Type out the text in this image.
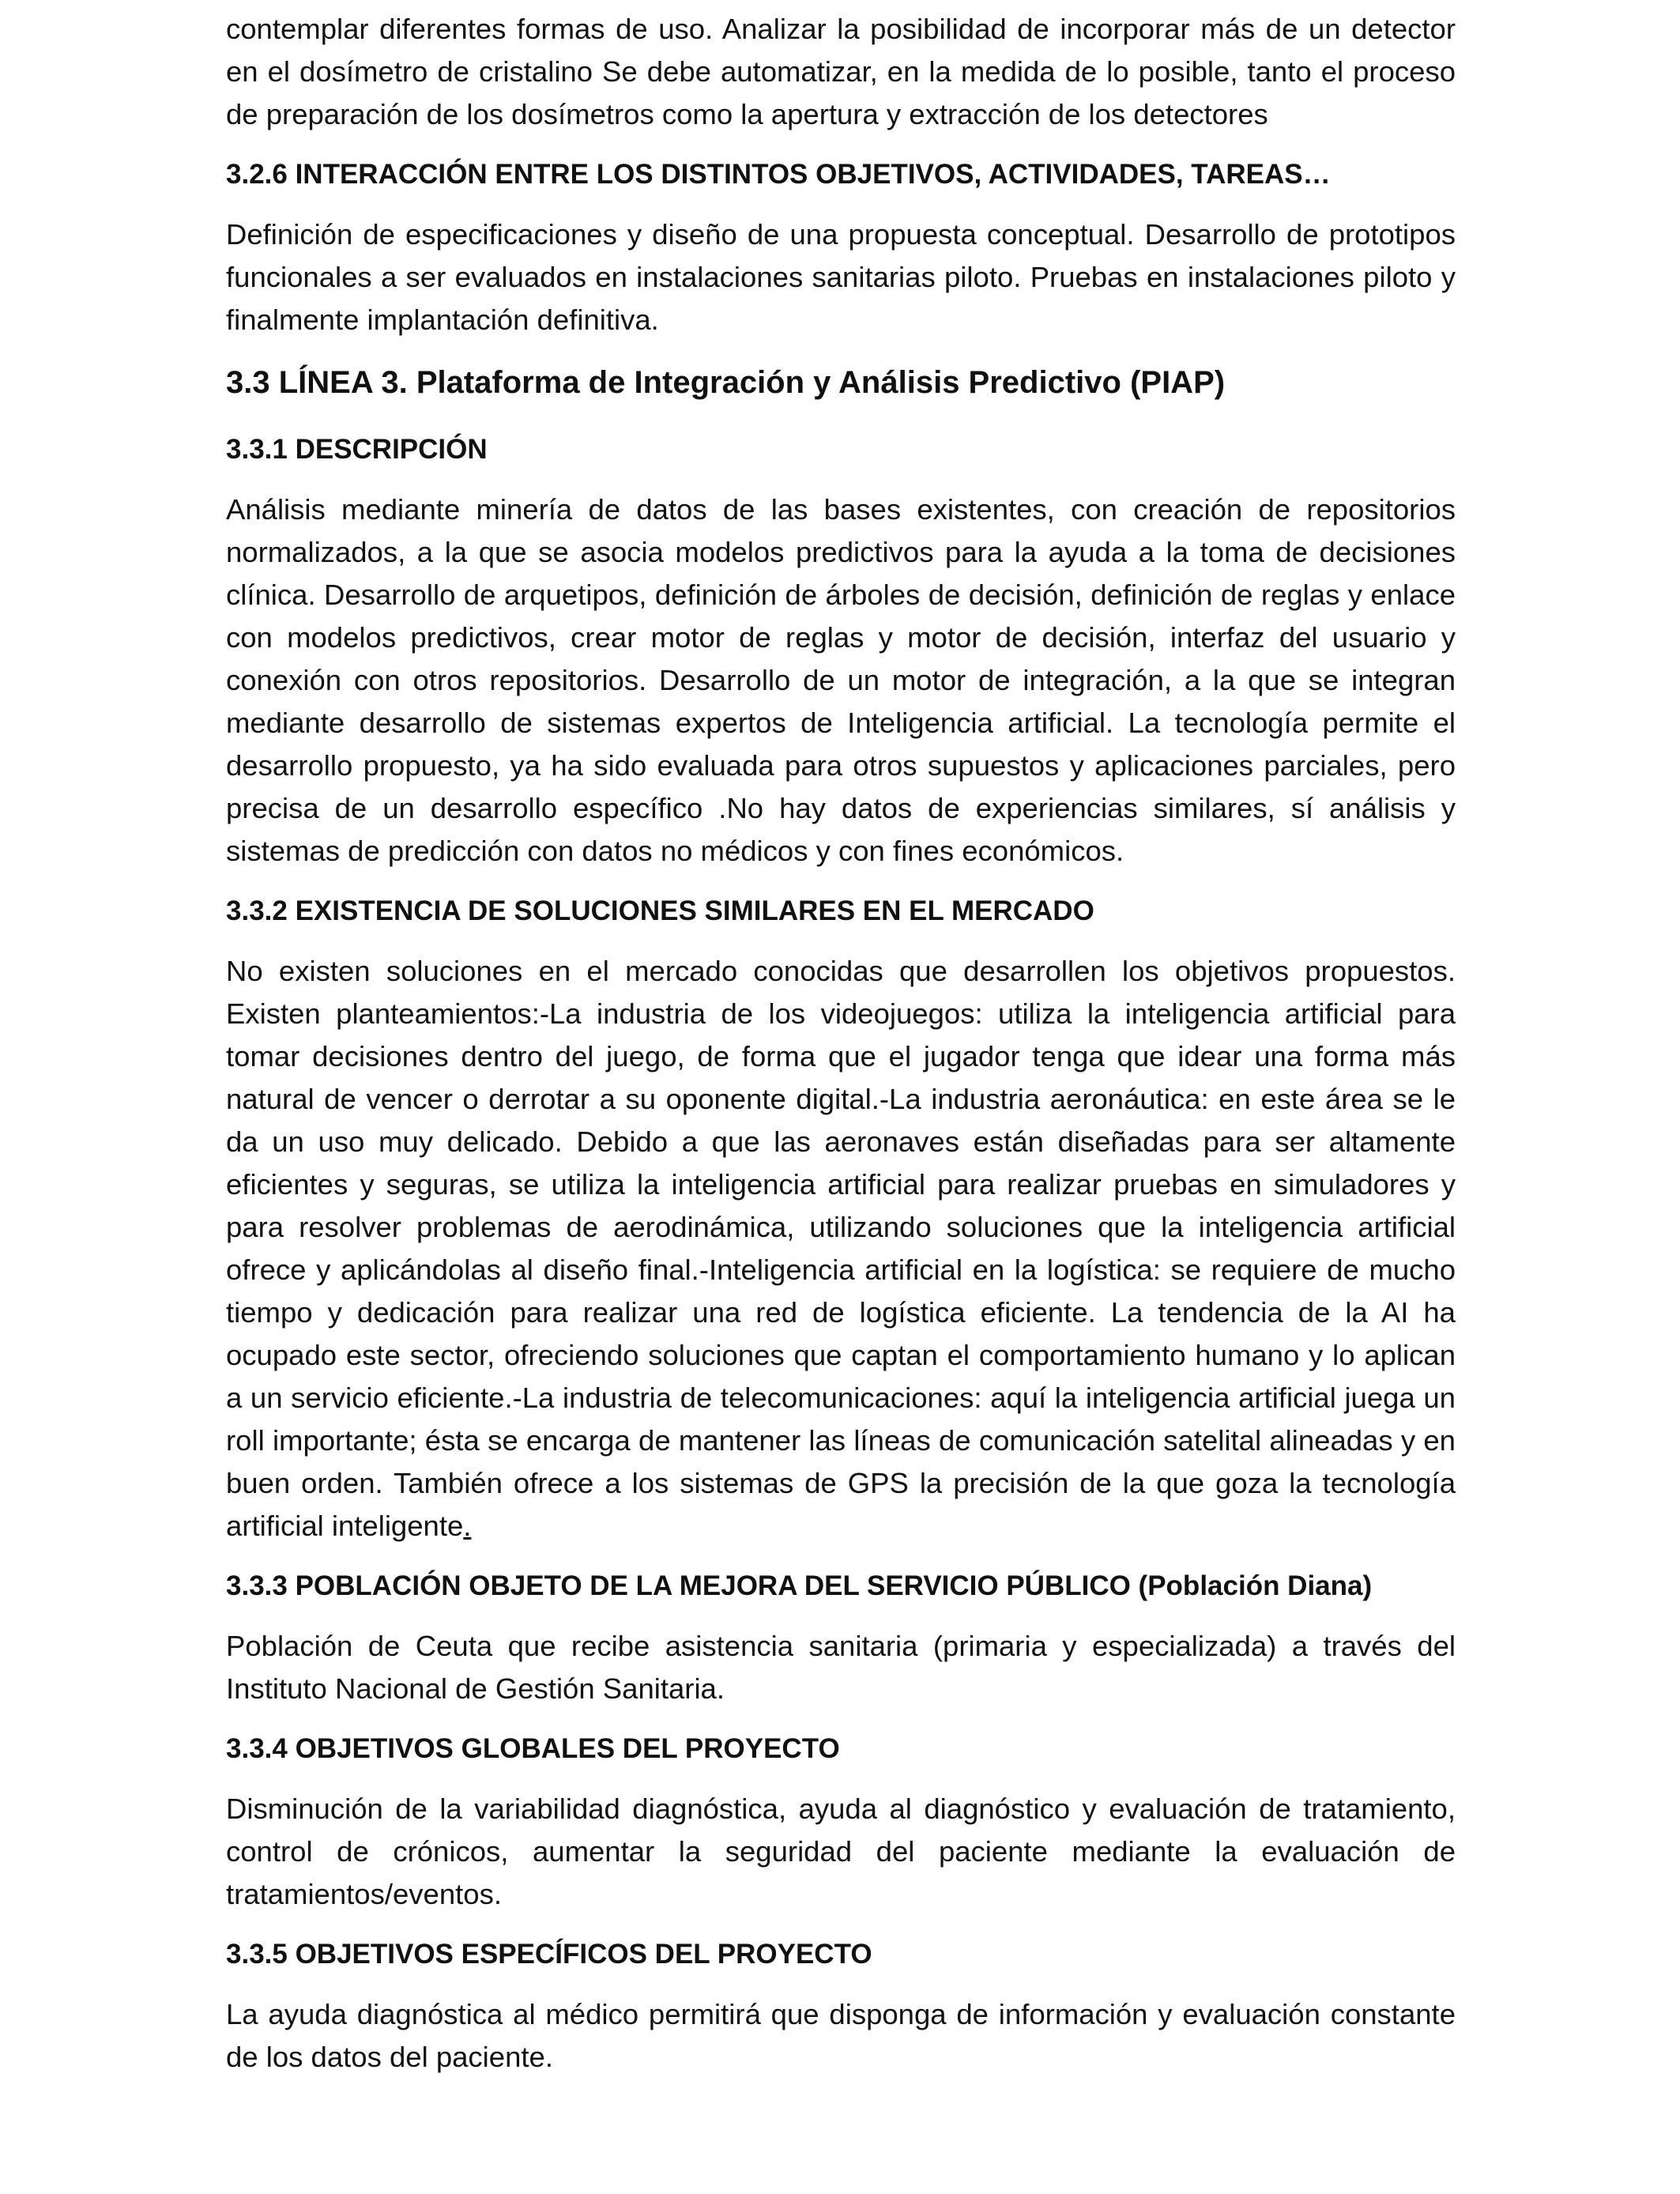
contemplar diferentes formas de uso. Analizar la posibilidad de incorporar más de un detector en el dosímetro de cristalino Se debe automatizar, en la medida de lo posible, tanto el proceso de preparación de los dosímetros como la apertura y extracción de los detectores

3.2.6 INTERACCIÓN ENTRE LOS DISTINTOS OBJETIVOS, ACTIVIDADES, TAREAS…

Definición de especificaciones y diseño de una propuesta conceptual. Desarrollo de prototipos funcionales a ser evaluados en instalaciones sanitarias piloto. Pruebas en instalaciones piloto y finalmente implantación definitiva.

3.3 LÍNEA 3. Plataforma de Integración y Análisis Predictivo (PIAP)

3.3.1 DESCRIPCIÓN

Análisis mediante minería de datos de las bases existentes, con creación de repositorios normalizados, a la que se asocia modelos predictivos para la ayuda a la toma de decisiones clínica. Desarrollo de arquetipos, definición de árboles de decisión, definición de reglas y enlace con modelos predictivos, crear motor de reglas y motor de decisión, interfaz del usuario y conexión con otros repositorios. Desarrollo de un motor de integración, a la que se integran mediante desarrollo de sistemas expertos de Inteligencia artificial. La tecnología permite el desarrollo propuesto, ya ha sido evaluada para otros supuestos y aplicaciones parciales, pero precisa de un desarrollo específico .No hay datos de experiencias similares, sí análisis y sistemas de predicción con datos no médicos y con fines económicos.

3.3.2 EXISTENCIA DE SOLUCIONES SIMILARES EN EL MERCADO

No existen soluciones en el mercado conocidas que desarrollen los objetivos propuestos. Existen planteamientos:-La industria de los videojuegos: utiliza la inteligencia artificial para tomar decisiones dentro del juego, de forma que el jugador tenga que idear una forma más natural de vencer o derrotar a su oponente digital.-La industria aeronáutica: en este área se le da un uso muy delicado. Debido a que las aeronaves están diseñadas para ser altamente eficientes y seguras, se utiliza la inteligencia artificial para realizar pruebas en simuladores y para resolver problemas de aerodinámica, utilizando soluciones que la inteligencia artificial ofrece y aplicándolas al diseño final.-Inteligencia artificial en la logística: se requiere de mucho tiempo y dedicación para realizar una red de logística eficiente. La tendencia de la AI ha ocupado este sector, ofreciendo soluciones que captan el comportamiento humano y lo aplican a un servicio eficiente.-La industria de telecomunicaciones: aquí la inteligencia artificial juega un roll importante; ésta se encarga de mantener las líneas de comunicación satelital alineadas y en buen orden. También ofrece a los sistemas de GPS la precisión de la que goza la tecnología artificial inteligente.

3.3.3 POBLACIÓN OBJETO DE LA MEJORA DEL SERVICIO PÚBLICO (Población Diana)

Población de Ceuta que recibe asistencia sanitaria (primaria y especializada) a través del Instituto Nacional de Gestión Sanitaria.

3.3.4 OBJETIVOS GLOBALES DEL PROYECTO

Disminución de la variabilidad diagnóstica, ayuda al diagnóstico y evaluación de tratamiento, control de crónicos, aumentar la seguridad del paciente mediante la evaluación de tratamientos/eventos.

3.3.5 OBJETIVOS ESPECÍFICOS DEL PROYECTO

La ayuda diagnóstica al médico permitirá que disponga de información y evaluación constante de los datos del paciente.
